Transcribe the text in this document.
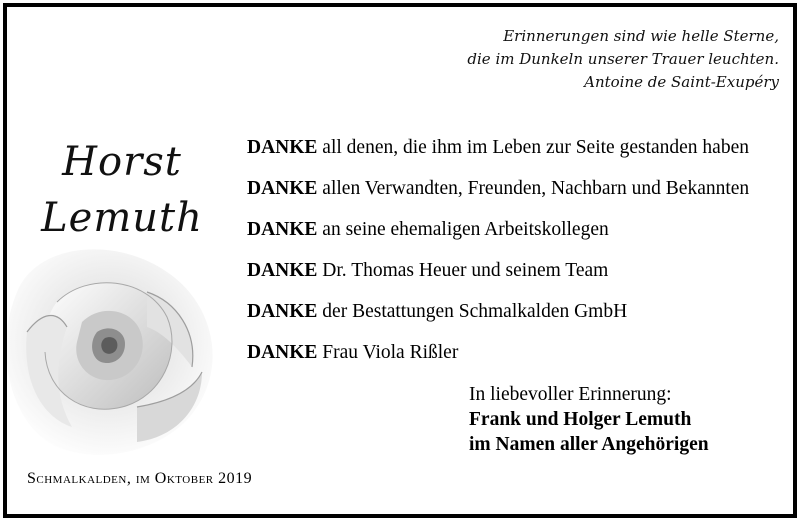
Erinnerungen sind wie helle Sterne,
die im Dunkeln unserer Trauer leuchten.
Antoine de Saint-Exupéry
Horst
Lemuth
DANKE all denen, die ihm im Leben zur Seite gestanden haben
DANKE allen Verwandten, Freunden, Nachbarn und Bekannten
DANKE an seine ehemaligen Arbeitskollegen
DANKE Dr. Thomas Heuer und seinem Team
DANKE der Bestattungen Schmalkalden GmbH
DANKE Frau Viola Rißler
In liebevoller Erinnerung:
Frank und Holger Lemuth
im Namen aller Angehörigen
Schmalkalden, im Oktober 2019
